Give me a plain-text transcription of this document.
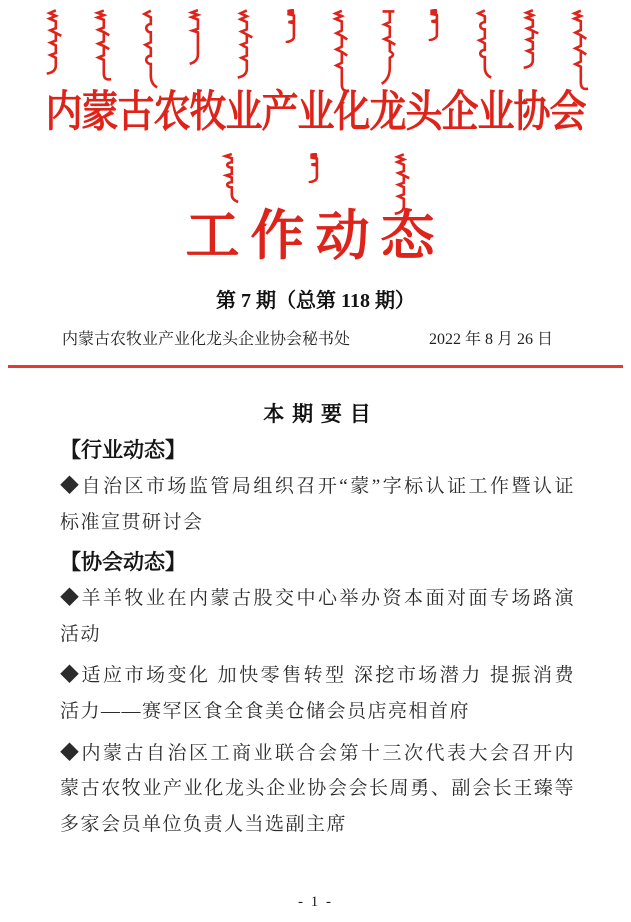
内蒙古农牧业产业化龙头企业协会
工作动态
第 7 期（总第 118 期）
内蒙古农牧业产业化龙头企业协会秘书处	2022 年 8 月 26 日
本 期 要 目
【行业动态】
◆自治区市场监管局组织召开“蒙”字标认证工作暨认证
标准宣贯研讨会
【协会动态】
◆羊羊牧业在内蒙古股交中心举办资本面对面专场路演
活动
◆适应市场变化 加快零售转型 深挖市场潜力 提振消费
活力——赛罕区食全食美仓储会员店亮相首府
◆内蒙古自治区工商业联合会第十三次代表大会召开内
蒙古农牧业产业化龙头企业协会会长周勇、副会长王臻等
多家会员单位负责人当选副主席
- 1 -
